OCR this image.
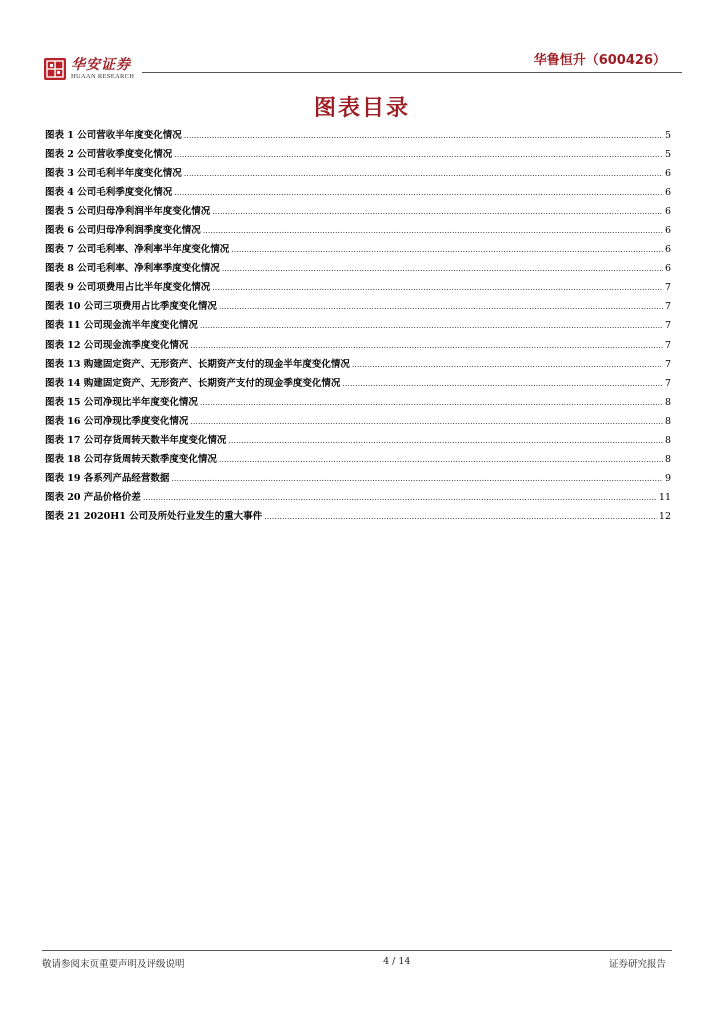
华安证券
HUAAN RESEARCH
华鲁恒升（600426）
图表目录
图表 1 公司营收半年度变化情况 .....	5
图表 2 公司营收季度变化情况 .....	5
图表 3 公司毛利半年度变化情况 .....	6
图表 4 公司毛利季度变化情况 .....	6
图表 5 公司归母净利润半年度变化情况 .....	6
图表 6 公司归母净利润季度变化情况 .....	6
图表 7 公司毛利率、净利率半年度变化情况 .....	6
图表 8 公司毛利率、净利率季度变化情况 .....	6
图表 9 公司项费用占比半年度变化情况 .....	7
图表 10 公司三项费用占比季度变化情况 .....	7
图表 11 公司现金流半年度变化情况 .....	7
图表 12 公司现金流季度变化情况 .....	7
图表 13 购建固定资产、无形资产、长期资产支付的现金半年度变化情况 .....	7
图表 14 购建固定资产、无形资产、长期资产支付的现金季度变化情况 .....	7
图表 15 公司净现比半年度变化情况 .....	8
图表 16 公司净现比季度变化情况 .....	8
图表 17 公司存货周转天数半年度变化情况 .....	8
图表 18 公司存货周转天数季度变化情况 .....	8
图表 19 各系列产品经营数据 .....	9
图表 20 产品价格价差 .....	11
图表 21 2020H1 公司及所处行业发生的重大事件 .....	12
敬请参阅末页重要声明及评级说明	4 / 14	证券研究报告
